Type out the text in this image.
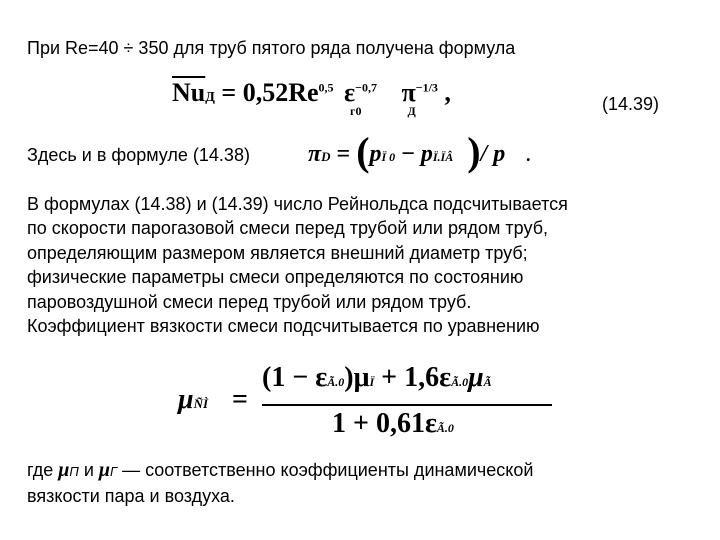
При Re=40 ÷ 350 для труб пятого ряда получена формула
$\overline{Nu}Д = 0,52Re^{0,5}$ $\varepsilon^{-0,7}$
г0
$\pi^{-1/3}$
Д
,	(14.39)
Здесь и в формуле (14.38) πD = (pÏ 0 − pÏ.ÏÂ )/ p .
В формулах (14.38) и (14.39) число Рейнольдса подсчитывается
по скорости парогазовой смеси перед трубой или рядом труб,
определяющим размером является внешний диаметр труб;
физические параметры смеси определяются по состоянию
паровоздушной смеси перед трубой или рядом труб.
Коэффициент вязкости смеси подсчитывается по уравнению
μÑÌ =
(1 − εÃ.0)μÏ + 1,6εÃ.0μÃ
1 + 0,61εÃ.0
где μП и μГ — соответственно коэффициенты динамической
вязкости пара и воздуха.
